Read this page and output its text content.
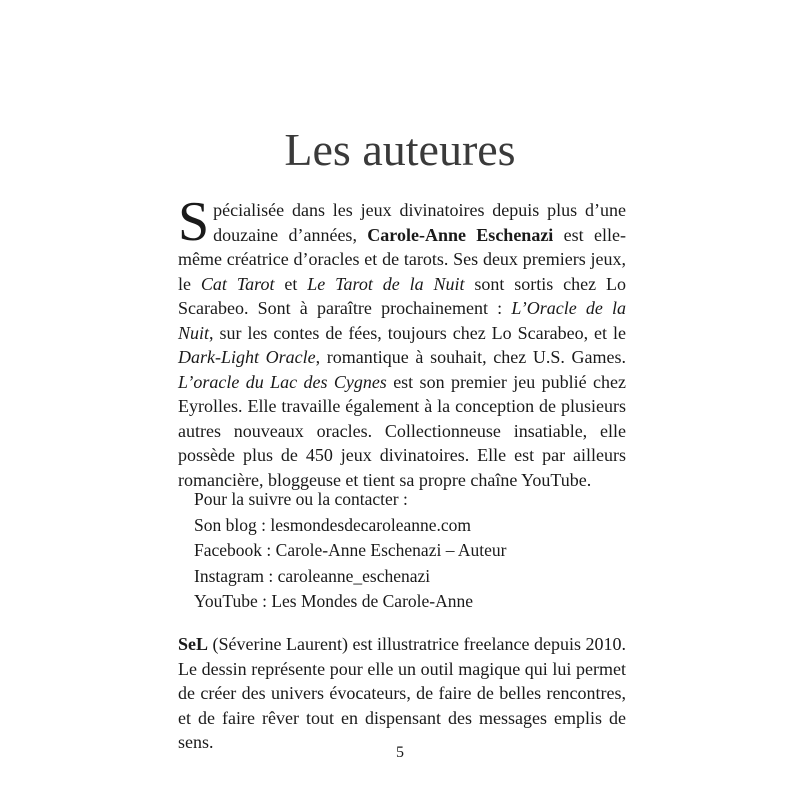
Les auteures

Spécialisée dans les jeux divinatoires depuis plus d’une douzaine d’années, Carole-Anne Eschenazi est elle-même créatrice d’oracles et de tarots. Ses deux premiers jeux, le Cat Tarot et Le Tarot de la Nuit sont sortis chez Lo Scarabeo. Sont à paraître prochainement : L’Oracle de la Nuit, sur les contes de fées, toujours chez Lo Scarabeo, et le Dark-Light Oracle, romantique à souhait, chez U.S. Games. L’oracle du Lac des Cygnes est son premier jeu publié chez Eyrolles. Elle travaille également à la conception de plusieurs autres nouveaux oracles. Collectionneuse insatiable, elle possède plus de 450 jeux divinatoires. Elle est par ailleurs romancière, bloggeuse et tient sa propre chaîne YouTube.

Pour la suivre ou la contacter :
Son blog : lesmondesdecaroleanne.com
Facebook : Carole-Anne Eschenazi – Auteur
Instagram : caroleanne_eschenazi
YouTube : Les Mondes de Carole-Anne

SeL (Séverine Laurent) est illustratrice freelance depuis 2010. Le dessin représente pour elle un outil magique qui lui permet de créer des univers évocateurs, de faire de belles rencontres, et de faire rêver tout en dispensant des messages emplis de sens.

5
